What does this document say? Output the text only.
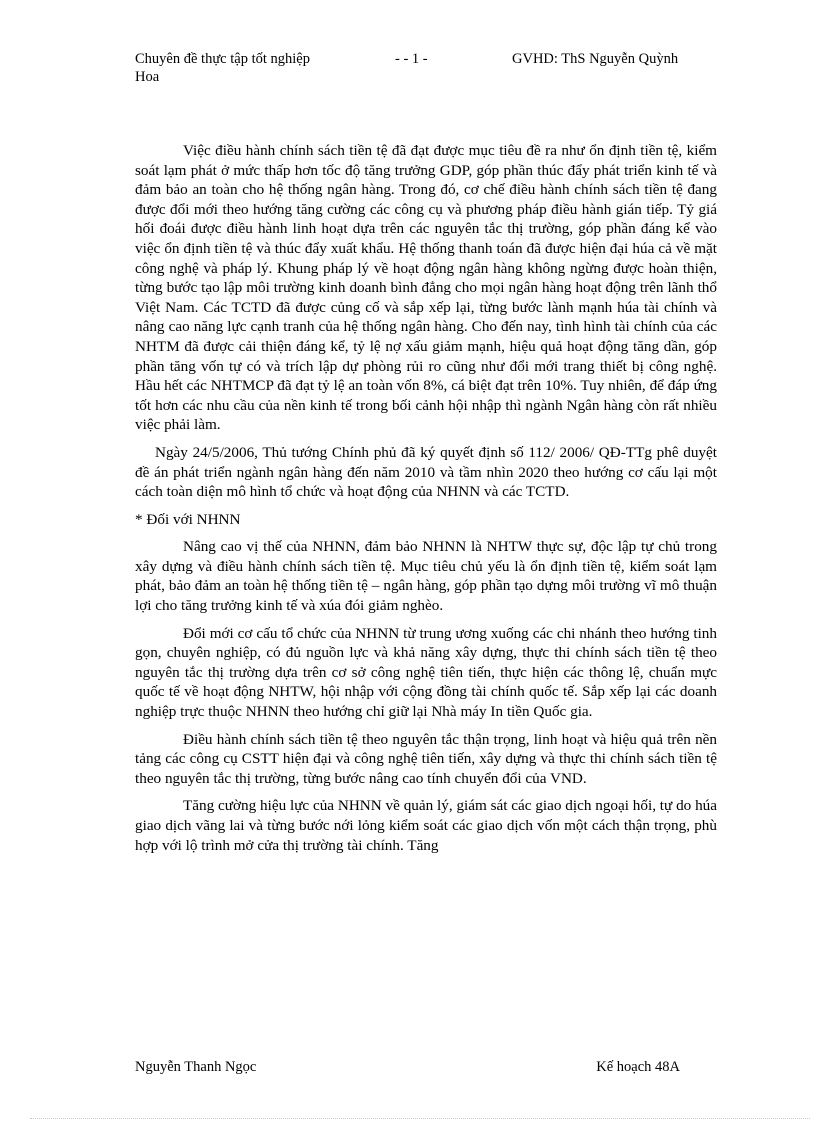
Chuyên đề thực tập tốt nghiệp	- - 1 -	GVHD: ThS Nguyễn Quỳnh
Hoa

Việc điều hành chính sách tiền tệ đã đạt được mục tiêu đề ra như ổn định tiền tệ, kiểm soát lạm phát ở mức thấp hơn tốc độ tăng trưởng GDP, góp phần thúc đẩy phát triển kinh tế và đảm bảo an toàn cho hệ thống ngân hàng. Trong đó, cơ chế điều hành chính sách tiền tệ đang được đổi mới theo hướng tăng cường các công cụ và phương pháp điều hành gián tiếp. Tỷ giá hối đoái được điều hành linh hoạt dựa trên các nguyên tắc thị trường, góp phần đáng kể vào việc ổn định tiền tệ và thúc đẩy xuất khẩu. Hệ thống thanh toán đã được hiện đại húa cả về mặt công nghệ và pháp lý. Khung pháp lý về hoạt động ngân hàng không ngừng được hoàn thiện, từng bước tạo lập môi trường kinh doanh bình đẳng cho mọi ngân hàng hoạt động trên lãnh thổ Việt Nam. Các TCTD đã được củng cố và sắp xếp lại, từng bước lành mạnh húa tài chính và nâng cao năng lực cạnh tranh của hệ thống ngân hàng. Cho đến nay, tình hình tài chính của các NHTM đã được cải thiện đáng kể, tỷ lệ nợ xấu giảm mạnh, hiệu quả hoạt động tăng dần, góp phần tăng vốn tự có và trích lập dự phòng rủi ro cũng như đổi mới trang thiết bị công nghệ. Hầu hết các NHTMCP đã đạt tỷ lệ an toàn vốn 8%, cá biệt đạt trên 10%. Tuy nhiên, để đáp ứng tốt hơn các nhu cầu của nền kinh tế trong bối cảnh hội nhập thì ngành Ngân hàng còn rất nhiều việc phải làm.

Ngày 24/5/2006, Thủ tướng Chính phủ đã ký quyết định số 112/ 2006/ QĐ-TTg phê duyệt đề án phát triển ngành ngân hàng đến năm 2010 và tầm nhìn 2020 theo hướng cơ cấu lại một cách toàn diện mô hình tổ chức và hoạt động của NHNN và các TCTD.

* Đối với NHNN

Nâng cao vị thế của NHNN, đảm bảo NHNN là NHTW thực sự, độc lập tự chủ trong xây dựng và điều hành chính sách tiền tệ. Mục tiêu chủ yếu là ổn định tiền tệ, kiểm soát lạm phát, bảo đảm an toàn hệ thống tiền tệ – ngân hàng, góp phần tạo dựng môi trường vĩ mô thuận lợi cho tăng trưởng kinh tế và xúa đói giảm nghèo.

Đổi mới cơ cấu tổ chức của NHNN từ trung ương xuống các chi nhánh theo hướng tinh gọn, chuyên nghiệp, có đủ nguồn lực và khả năng xây dựng, thực thi chính sách tiền tệ theo nguyên tắc thị trường dựa trên cơ sở công nghệ tiên tiến, thực hiện các thông lệ, chuẩn mực quốc tế về hoạt động NHTW, hội nhập với cộng đồng tài chính quốc tế. Sắp xếp lại các doanh nghiệp trực thuộc NHNN theo hướng chỉ giữ lại Nhà máy In tiền Quốc gia.

Điều hành chính sách tiền tệ theo nguyên tắc thận trọng, linh hoạt và hiệu quả trên nền tảng các công cụ CSTT hiện đại và công nghệ tiên tiến, xây dựng và thực thi chính sách tiền tệ theo nguyên tắc thị trường, từng bước nâng cao tính chuyển đổi của VND.

Tăng cường hiệu lực của NHNN về quản lý, giám sát các giao dịch ngoại hối, tự do húa giao dịch vãng lai và từng bước nới lỏng kiểm soát các giao dịch vốn một cách thận trọng, phù hợp với lộ trình mở cửa thị trường tài chính. Tăng

Nguyễn Thanh Ngọc	Kế hoạch 48A
